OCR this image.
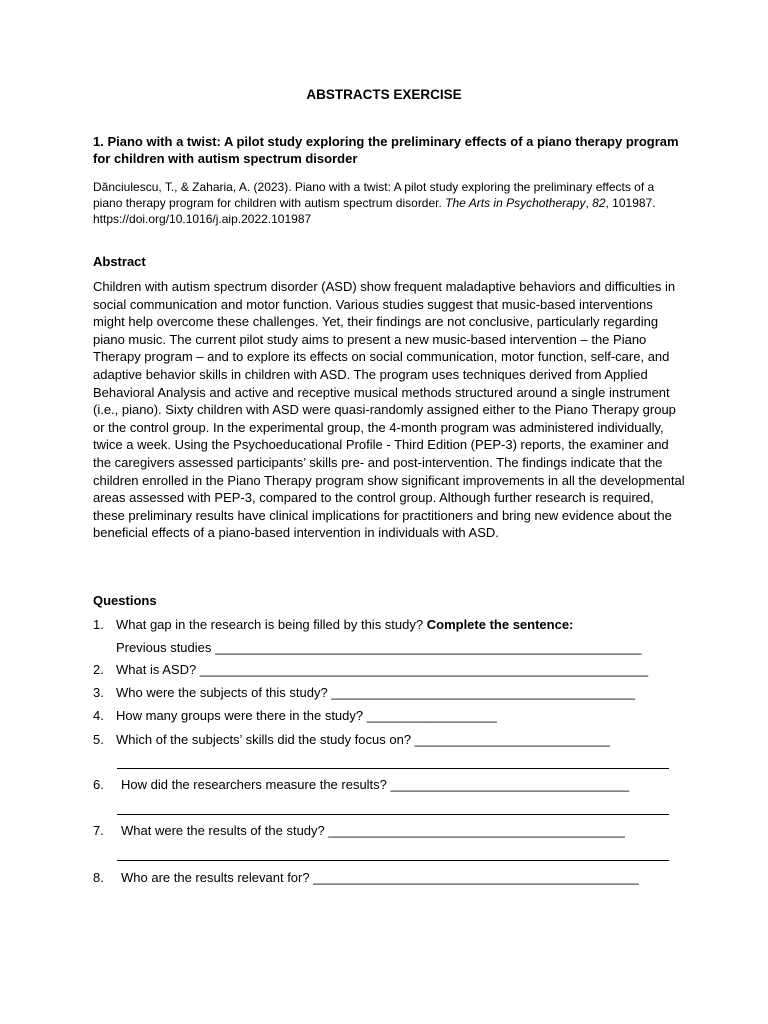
ABSTRACTS EXERCISE
1. Piano with a twist: A pilot study exploring the preliminary effects of a piano therapy program for children with autism spectrum disorder
Dănciulescu, T., & Zaharia, A. (2023). Piano with a twist: A pilot study exploring the preliminary effects of a piano therapy program for children with autism spectrum disorder. The Arts in Psychotherapy, 82, 101987. https://doi.org/10.1016/j.aip.2022.101987
Abstract
Children with autism spectrum disorder (ASD) show frequent maladaptive behaviors and difficulties in social communication and motor function. Various studies suggest that music-based interventions might help overcome these challenges. Yet, their findings are not conclusive, particularly regarding piano music. The current pilot study aims to present a new music-based intervention – the Piano Therapy program – and to explore its effects on social communication, motor function, self-care, and adaptive behavior skills in children with ASD. The program uses techniques derived from Applied Behavioral Analysis and active and receptive musical methods structured around a single instrument (i.e., piano). Sixty children with ASD were quasi-randomly assigned either to the Piano Therapy group or the control group. In the experimental group, the 4-month program was administered individually, twice a week. Using the Psychoeducational Profile - Third Edition (PEP-3) reports, the examiner and the caregivers assessed participants’ skills pre- and post-intervention. The findings indicate that the children enrolled in the Piano Therapy program show significant improvements in all the developmental areas assessed with PEP-3, compared to the control group. Although further research is required, these preliminary results have clinical implications for practitioners and bring new evidence about the beneficial effects of a piano-based intervention in individuals with ASD.
Questions
1. What gap in the research is being filled by this study? Complete the sentence:
Previous studies ___________________________________________________________
2. What is ASD? ______________________________________________________________
3. Who were the subjects of this study? __________________________________________
4. How many groups were there in the study? __________________
5. Which of the subjects’ skills did the study focus on? ___________________________
6. How did the researchers measure the results? _________________________________
7. What were the results of the study? _________________________________________
8. Who are the results relevant for? _____________________________________________
